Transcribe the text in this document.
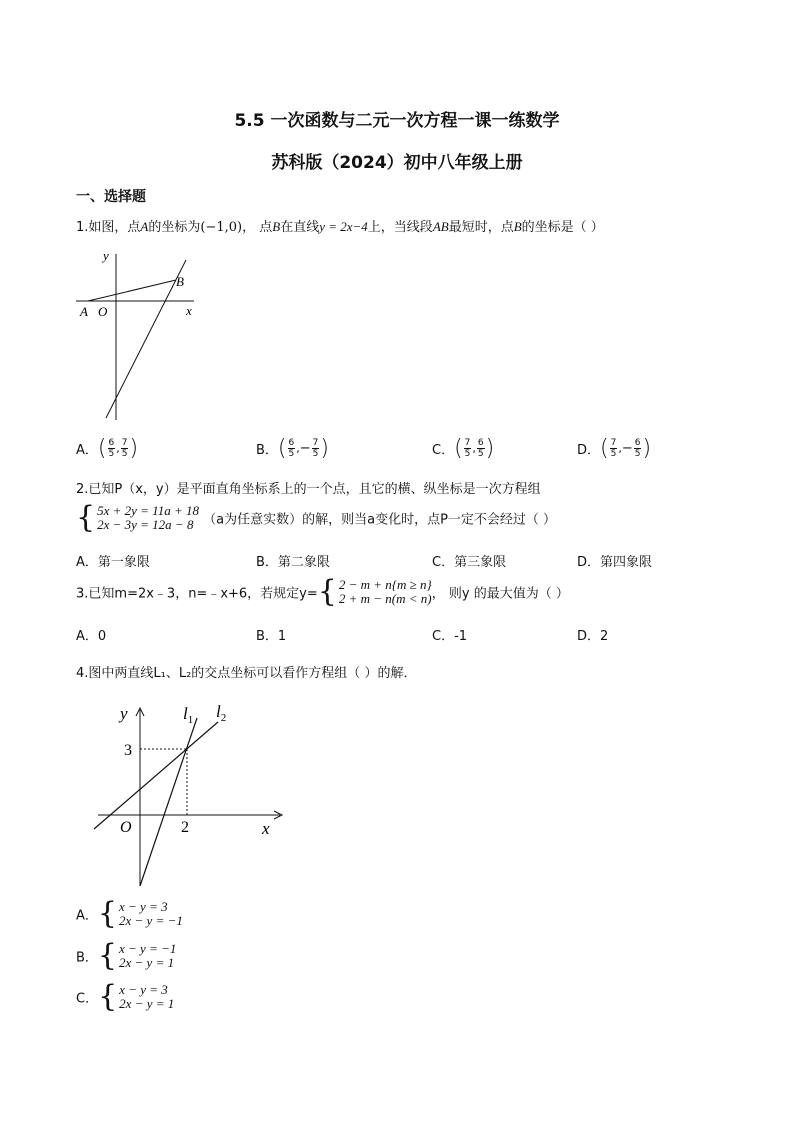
5.5 一次函数与二元一次方程一课一练数学
苏科版（2024）初中八年级上册
一、选择题
1.如图，点A的坐标为(−1,0)， 点B在直线y = 2x−4上，当线段AB最短时，点B的坐标是（ ）
y
x
A O
B
A．( $\frac{6}{5}$ , $\frac{7}{5}$ )	B．( $\frac{6}{5}$ ,− $\frac{7}{5}$ )	C．( $\frac{7}{5}$ , $\frac{6}{5}$ )	D．( $\frac{7}{5}$ ,− $\frac{6}{5}$ )
2.已知P（x，y）是平面直角坐标系上的一个点，且它的横、纵坐标是一次方程组
{ 5x + 2y = 11a + 18
2x − 3y = 12a − 8 （a为任意实数）的解，则当a变化时，点P一定不会经过（ ）
A．第一象限	B．第二象限	C．第三象限	D．第四象限
3.已知m=2x﹣3，n=﹣x+6，若规定y= { 2 − m + n{m ≥ n}
2 + m − n(m < n) ， 则y 的最大值为（ ）
A．0	B．1	C．-1	D．2
4.图中两直线L₁、L₂的交点坐标可以看作方程组（ ）的解．
y
x
O
3
2
$l_1$ $l_2$
A． { x − y = 3
2x − y = −1
B． { x − y = −1
2x − y = 1
C． { x − y = 3
2x − y = 1
